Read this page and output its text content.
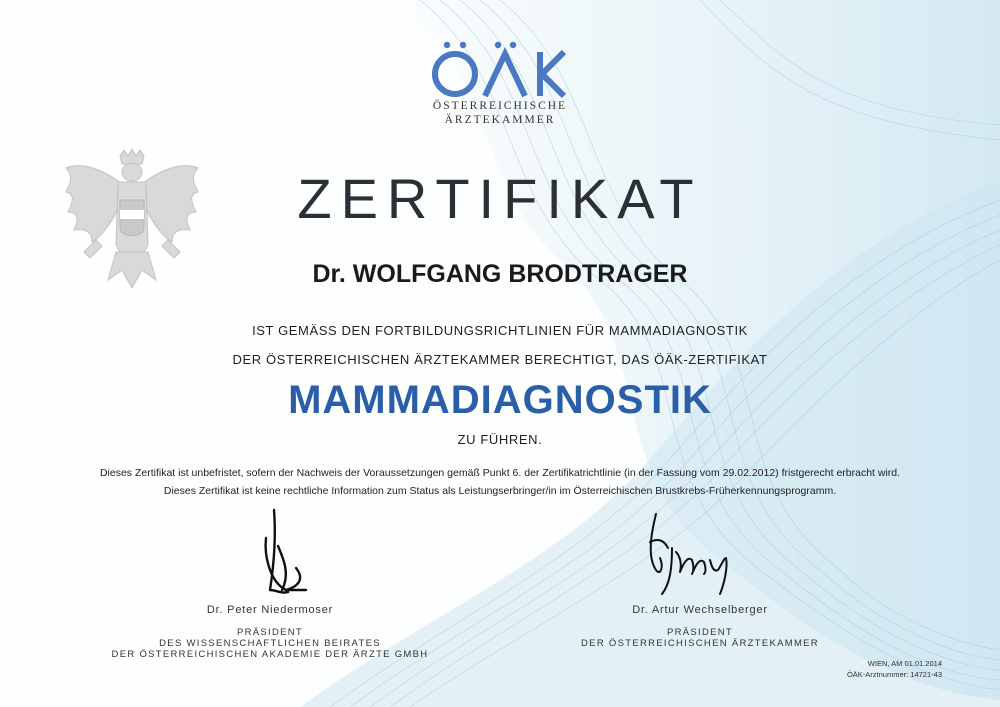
ÖSTERREICHISCHE
ÄRZTEKAMMER
ZERTIFIKAT
Dr. WOLFGANG BRODTRAGER
IST GEMÄSS DEN FORTBILDUNGSRICHTLINIEN FÜR MAMMADIAGNOSTIK
DER ÖSTERREICHISCHEN ÄRZTEKAMMER BERECHTIGT, DAS ÖÄK-ZERTIFIKAT
MAMMADIAGNOSTIK
ZU FÜHREN.
Dieses Zertifikat ist unbefristet, sofern der Nachweis der Voraussetzungen gemäß Punkt 6. der Zertifikatrichtlinie (in der Fassung vom 29.02.2012) fristgerecht erbracht wird.
Dieses Zertifikat ist keine rechtliche Information zum Status als Leistungserbringer/in im Österreichischen Brustkrebs-Früherkennungsprogramm.
Dr. Peter Niedermoser
PRÄSIDENT
DES WISSENSCHAFTLICHEN BEIRATES
DER ÖSTERREICHISCHEN AKADEMIE DER ÄRZTE GMBH
Dr. Artur Wechselberger
PRÄSIDENT
DER ÖSTERREICHISCHEN ÄRZTEKAMMER
WIEN, AM 01.01.2014
ÖÄK-Arztnummer: 14721-43
